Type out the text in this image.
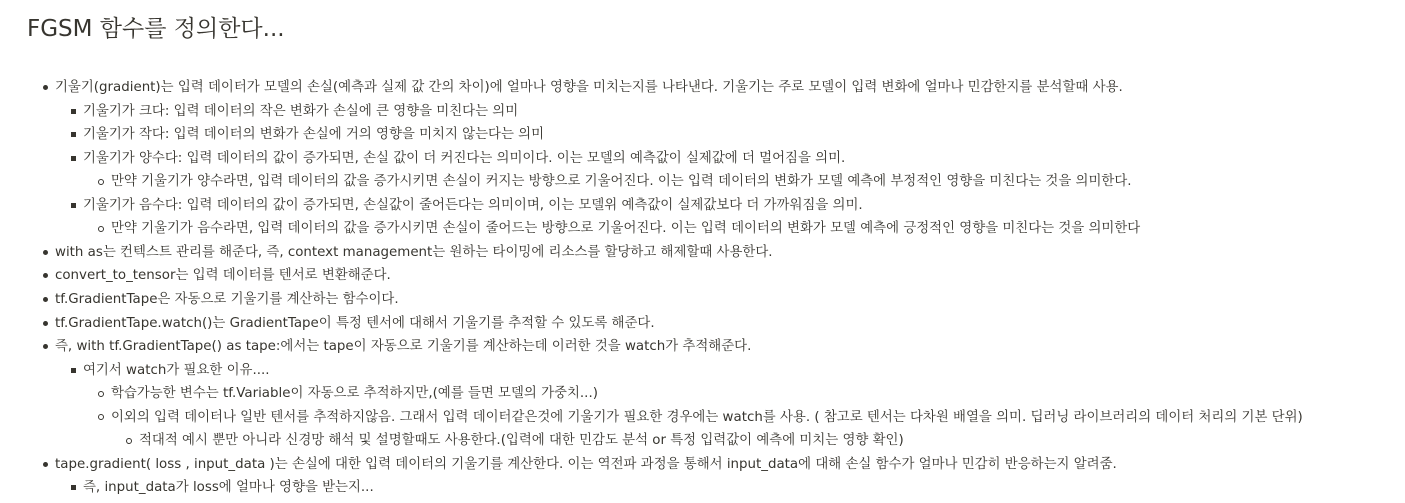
FGSM 함수를 정의한다...
기울기(gradient)는 입력 데이터가 모델의 손실(예측과 실제 값 간의 차이)에 얼마나 영향을 미치는지를 나타낸다. 기울기는 주로 모델이 입력 변화에 얼마나 민감한지를 분석할때 사용.
기울기가 크다: 입력 데이터의 작은 변화가 손실에 큰 영향을 미친다는 의미
기울기가 작다: 입력 데이터의 변화가 손실에 거의 영향을 미치지 않는다는 의미
기울기가 양수다: 입력 데이터의 값이 증가되면, 손실 값이 더 커진다는 의미이다. 이는 모델의 예측값이 실제값에 더 멀어짐을 의미.
만약 기울기가 양수라면, 입력 데이터의 값을 증가시키면 손실이 커지는 방향으로 기울어진다. 이는 입력 데이터의 변화가 모델 예측에 부정적인 영향을 미친다는 것을 의미한다.
기울기가 음수다: 입력 데이터의 값이 증가되면, 손실값이 줄어든다는 의미이며, 이는 모델위 예측값이 실제값보다 더 가까워짐을 의미.
만약 기울기가 음수라면, 입력 데이터의 값을 증가시키면 손실이 줄어드는 방향으로 기울어진다. 이는 입력 데이터의 변화가 모델 예측에 긍정적인 영향을 미친다는 것을 의미한다
with as는 컨텍스트 관리를 해준다, 즉, context management는 원하는 타이밍에 리소스를 할당하고 해제할때 사용한다.
convert_to_tensor는 입력 데이터를 텐서로 변환해준다.
tf.GradientTape은 자동으로 기울기를 계산하는 함수이다.
tf.GradientTape.watch()는 GradientTape이 특정 텐서에 대해서 기울기를 추적할 수 있도록 해준다.
즉, with tf.GradientTape() as tape:에서는 tape이 자동으로 기울기를 계산하는데 이러한 것을 watch가 추적해준다.
여기서 watch가 필요한 이유....
학습가능한 변수는 tf.Variable이 자동으로 추적하지만,(예를 들면 모델의 가중치...)
이외의 입력 데이터나 일반 텐서를 추적하지않음. 그래서 입력 데이터같은것에 기울기가 필요한 경우에는 watch를 사용. ( 참고로 텐서는 다차원 배열을 의미. 딥러닝 라이브러리의 데이터 처리의 기본 단위)
적대적 예시 뿐만 아니라 신경망 해석 및 설명할때도 사용한다.(입력에 대한 민감도 분석 or 특정 입력값이 예측에 미치는 영향 확인)
tape.gradient( loss , input_data )는 손실에 대한 입력 데이터의 기울기를 계산한다. 이는 역전파 과정을 통해서 input_data에 대해 손실 함수가 얼마나 민감히 반응하는지 알려줌.
즉, input_data가 loss에 얼마나 영향을 받는지...
